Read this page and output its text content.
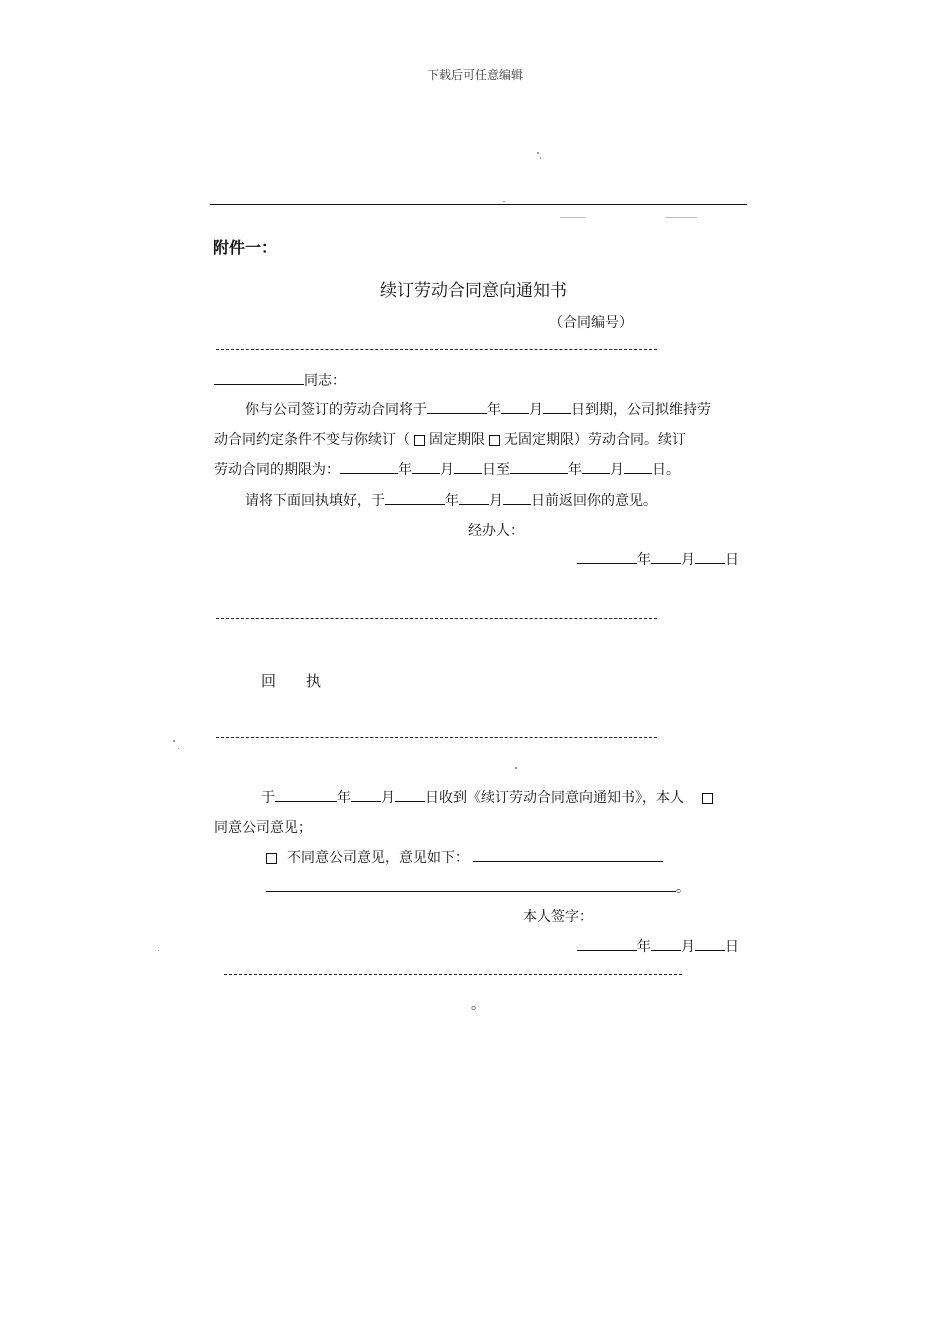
下载后可任意编辑
附件一：
续订劳动合同意向通知书
（合同编号）
同志：
你与公司签订的劳动合同将于	年 月 日到期，公司拟维持劳
动合同约定条件不变与你续订（ 固定期限 无固定期限）劳动合同。续订
劳动合同的期限为：	年 月 日至	年 月 日。
请将下面回执填好，于	年 月 日前返回你的意见。
经办人：
年 月 日
回 执
于	年 月 日收到《续订劳动合同意向通知书》，本人
同意公司意见；
不同意公司意见，意见如下：
。
本人签字：
年 月 日
。
